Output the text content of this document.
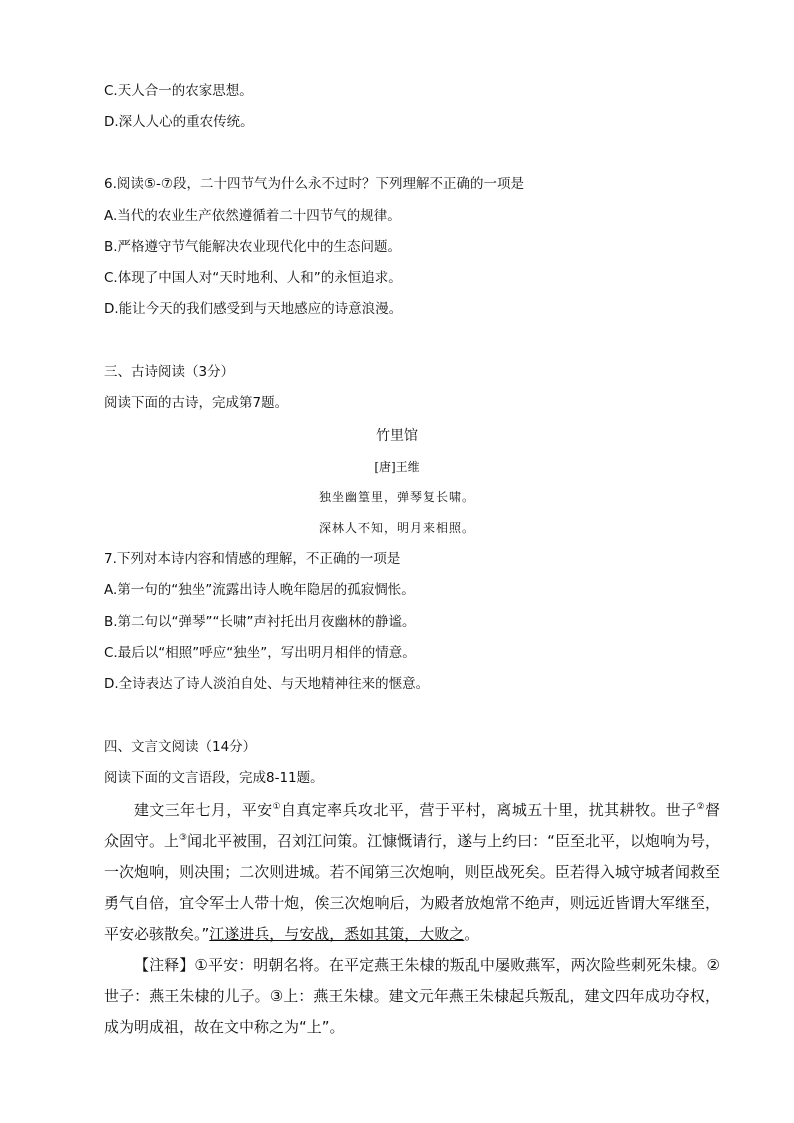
C.天人合一的农家思想。
D.深人人心的重农传统。
6.阅读⑤-⑦段，二十四节气为什么永不过时？下列理解不正确的一项是
A.当代的农业生产依然遵循着二十四节气的规律。
B.严格遵守节气能解决农业现代化中的生态问题。
C.体现了中国人对“天时地利、人和”的永恒追求。
D.能让今天的我们感受到与天地感应的诗意浪漫。
三、古诗阅读（3分）
阅读下面的古诗，完成第7题。
竹里馆
[唐]王维
独坐幽篁里，弹琴复长啸。
深林人不知，明月来相照。
7.下列对本诗内容和情感的理解，不正确的一项是
A.第一句的“独坐”流露出诗人晚年隐居的孤寂惆怅。
B.第二句以“弹琴”“长啸”声衬托出月夜幽林的静谧。
C.最后以“相照”呼应“独坐”，写出明月相伴的情意。
D.全诗表达了诗人淡泊自处、与天地精神往来的惬意。
四、文言文阅读（14分）
阅读下面的文言语段，完成8-11题。
建文三年七月，平安①自真定率兵攻北平，营于平村，离城五十里，扰其耕牧。世子②督众固守。上③闻北平被围，召刘江问策。江慷慨请行，遂与上约曰：“臣至北平，以炮响为号，一次炮响，则决围；二次则进城。若不闻第三次炮响，则臣战死矣。臣若得入城守城者闻救至勇气自倍，宜令军士人带十炮，俟三次炮响后，为殿者放炮常不绝声，则远近皆谓大军继至，平安必骇散矣。”江遂进兵，与安战，悉如其策，大败之。
【注释】①平安：明朝名将。在平定燕王朱棣的叛乱中屡败燕军，两次险些刺死朱棣。②世子：燕王朱棣的儿子。③上：燕王朱棣。建文元年燕王朱棣起兵叛乱，建文四年成功夺权，成为明成祖，故在文中称之为“上”。
